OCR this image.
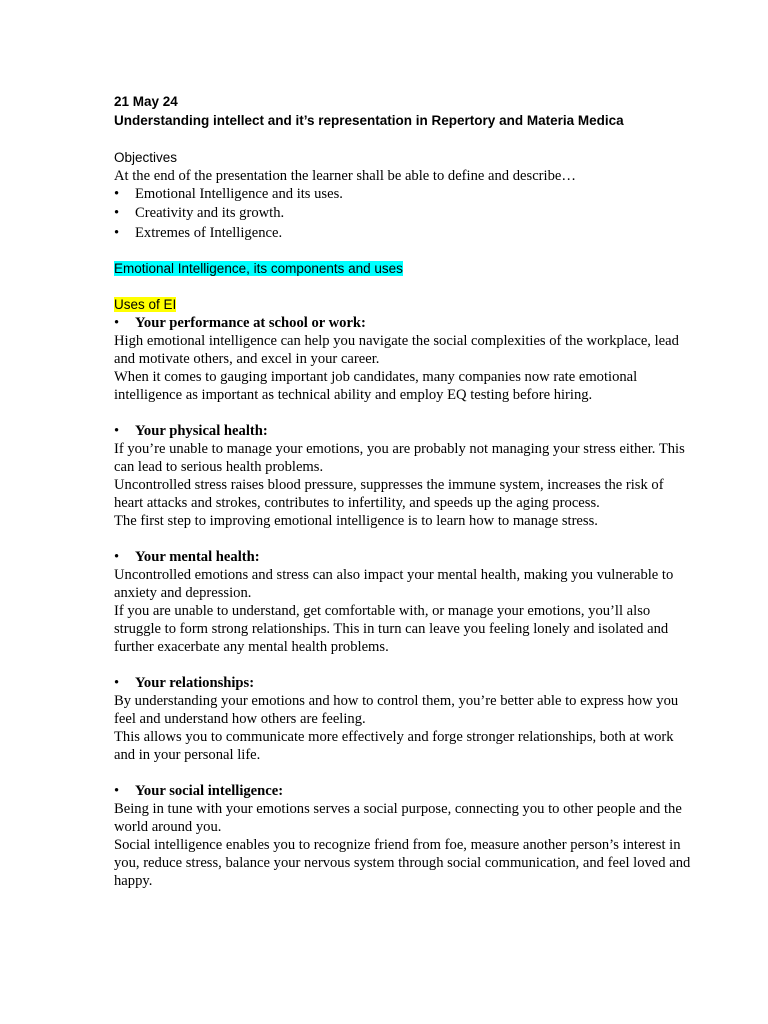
21 May 24

Understanding intellect and it’s representation in Repertory and Materia Medica

Objectives

At the end of the presentation the learner shall be able to define and describe…

•	Emotional Intelligence and its uses.
•	Creativity and its growth.
•	Extremes of Intelligence.

Emotional Intelligence, its components and uses

Uses of EI

•	Your performance at school or work:

High emotional intelligence can help you navigate the social complexities of the workplace, lead and motivate others, and excel in your career.

When it comes to gauging important job candidates, many companies now rate emotional intelligence as important as technical ability and employ EQ testing before hiring.

•	Your physical health:

If you’re unable to manage your emotions, you are probably not managing your stress either. This can lead to serious health problems.

Uncontrolled stress raises blood pressure, suppresses the immune system, increases the risk of heart attacks and strokes, contributes to infertility, and speeds up the aging process.

The first step to improving emotional intelligence is to learn how to manage stress.

•	Your mental health:

Uncontrolled emotions and stress can also impact your mental health, making you vulnerable to anxiety and depression.

If you are unable to understand, get comfortable with, or manage your emotions, you’ll also struggle to form strong relationships. This in turn can leave you feeling lonely and isolated and further exacerbate any mental health problems.

•	Your relationships:

By understanding your emotions and how to control them, you’re better able to express how you feel and understand how others are feeling.

This allows you to communicate more effectively and forge stronger relationships, both at work and in your personal life.

•	Your social intelligence:

Being in tune with your emotions serves a social purpose, connecting you to other people and the world around you.

Social intelligence enables you to recognize friend from foe, measure another person’s interest in you, reduce stress, balance your nervous system through social communication, and feel loved and happy.
